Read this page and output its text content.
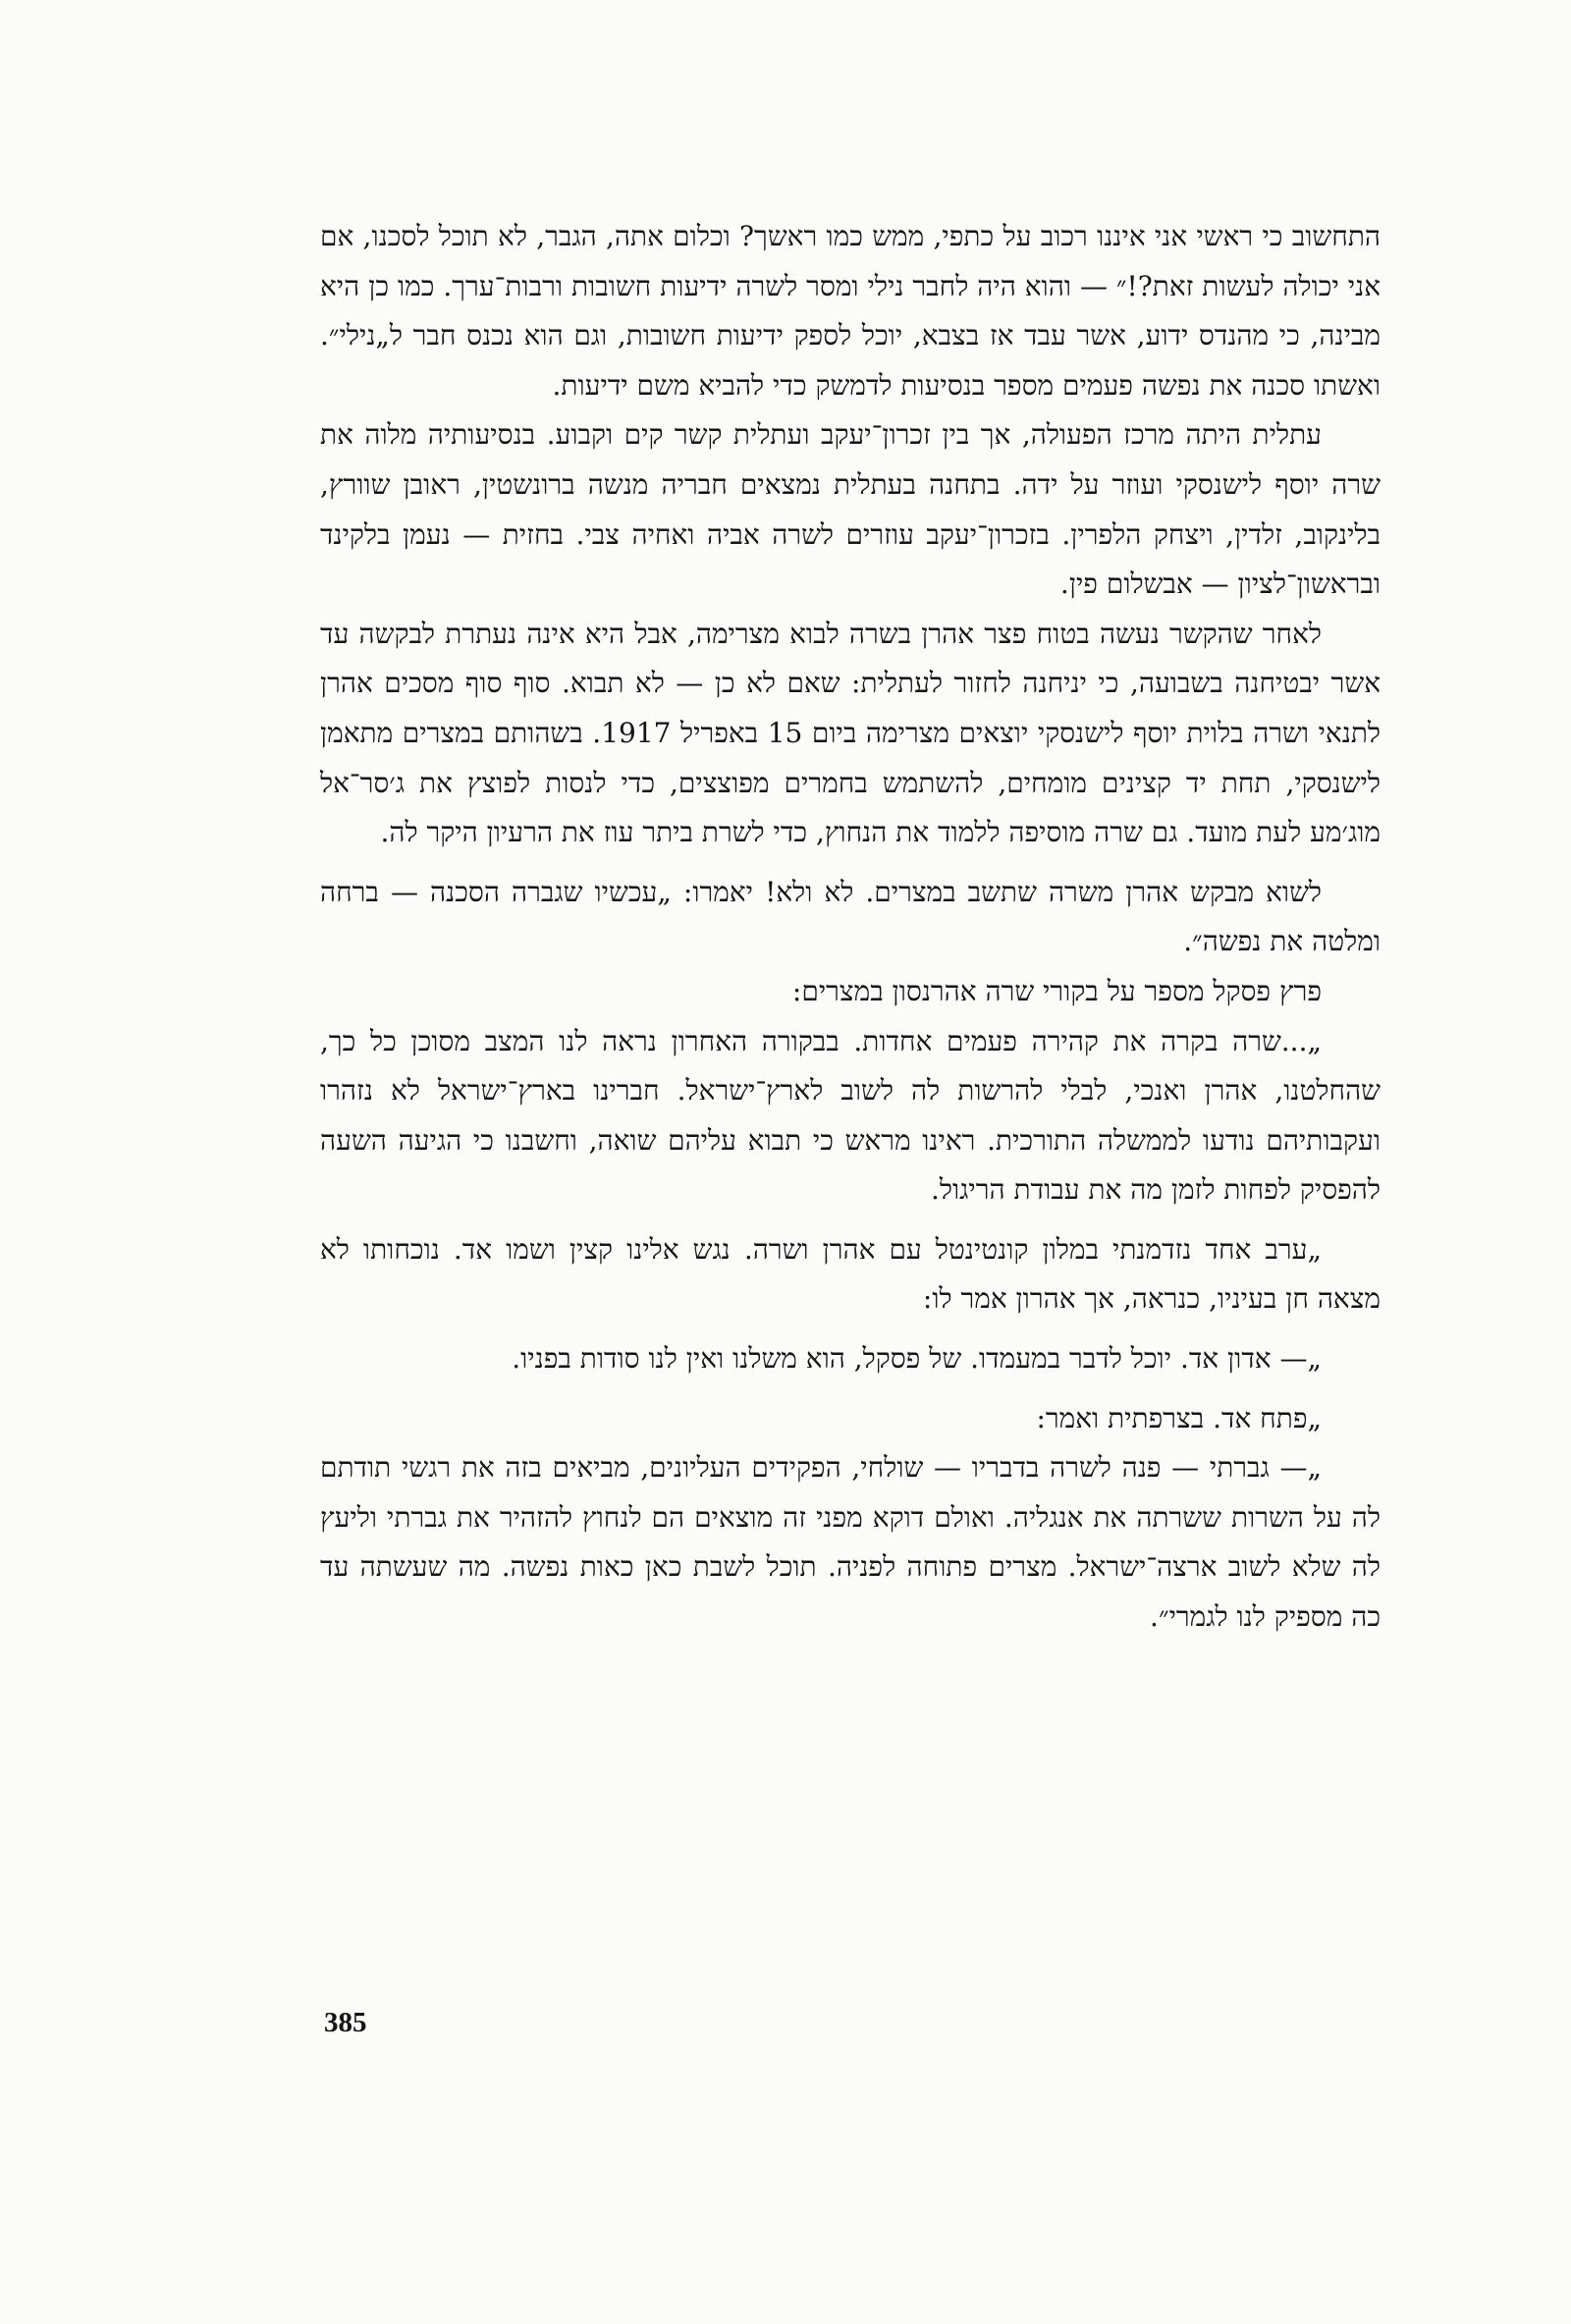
התחשוב כי ראשי אני איננו רכוב על כתפי, ממש כמו ראשך? וכלום אתה, הגבר, לא תוכל לסכנו, אם אני יכולה לעשות זאת?!״ — והוא היה לחבר נילי ומסר לשרה ידיעות חשובות ורבות־ערך. כמו כן היא מבינה, כי מהנדס ידוע, אשר עבד אז בצבא, יוכל לספק ידיעות חשובות, וגם הוא נכנס חבר ל„נילי״. ואשתו סכנה את נפשה פעמים מספר בנסיעות לדמשק כדי להביא משם ידיעות.

עתלית היתה מרכז הפעולה, אך בין זכרון־יעקב ועתלית קשר קים וקבוע. בנסיעותיה מלוה את שרה יוסף לישנסקי ועוזר על ידה. בתחנה בעתלית נמצאים חבריה מנשה ברונשטין, ראובן שוורץ, בלינקוב, זלדין, ויצחק הלפרין. בזכרון־יעקב עוזרים לשרה אביה ואחיה צבי. בחזית — נעמן בלקינד ובראשון־לציון — אבשלום פין.

לאחר שהקשר נעשה בטוח פצר אהרן בשרה לבוא מצרימה, אבל היא אינה נעתרת לבקשה עד אשר יבטיחנה בשבועה, כי יניחנה לחזור לעתלית: שאם לא כן — לא תבוא. סוף סוף מסכים אהרן לתנאי ושרה בלוית יוסף לישנסקי יוצאים מצרימה ביום 15 באפריל 1917. בשהותם במצרים מתאמן לישנסקי, תחת יד קצינים מומחים, להשתמש בחמרים מפוצצים, כדי לנסות לפוצץ את ג׳סר־אל מוג׳מע לעת מועד. גם שרה מוסיפה ללמוד את הנחוץ, כדי לשרת ביתר עוז את הרעיון היקר לה.

לשוא מבקש אהרן משרה שתשב במצרים. לא ולא! יאמרו: „עכשיו שגברה הסכנה — ברחה ומלטה את נפשה״.

פרץ פסקל מספר על בקורי שרה אהרנסון במצרים:

„...שרה בקרה את קהירה פעמים אחדות. בבקורה האחרון נראה לנו המצב מסוכן כל כך, שהחלטנו, אהרן ואנכי, לבלי להרשות לה לשוב לארץ־ישראל. חברינו בארץ־ישראל לא נזהרו ועקבותיהם נודעו לממשלה התורכית. ראינו מראש כי תבוא עליהם שואה, וחשבנו כי הגיעה השעה להפסיק לפחות לזמן מה את עבודת הריגול.

„ערב אחד נזדמנתי במלון קונטינטל עם אהרן ושרה. נגש אלינו קצין ושמו אד. נוכחותו לא מצאה חן בעיניו, כנראה, אך אהרון אמר לו:

„— אדון אד. יוכל לדבר במעמדו. של פסקל, הוא משלנו ואין לנו סודות בפניו.

„פתח אד. בצרפתית ואמר:

„— גברתי — פנה לשרה בדבריו — שולחי, הפקידים העליונים, מביאים בזה את רגשי תודתם לה על השרות ששרתה את אנגליה. ואולם דוקא מפני זה מוצאים הם לנחוץ להזהיר את גברתי וליעץ לה שלא לשוב ארצה־ישראל. מצרים פתוחה לפניה. תוכל לשבת כאן כאות נפשה. מה שעשתה עד כה מספיק לנו לגמרי״.

385
